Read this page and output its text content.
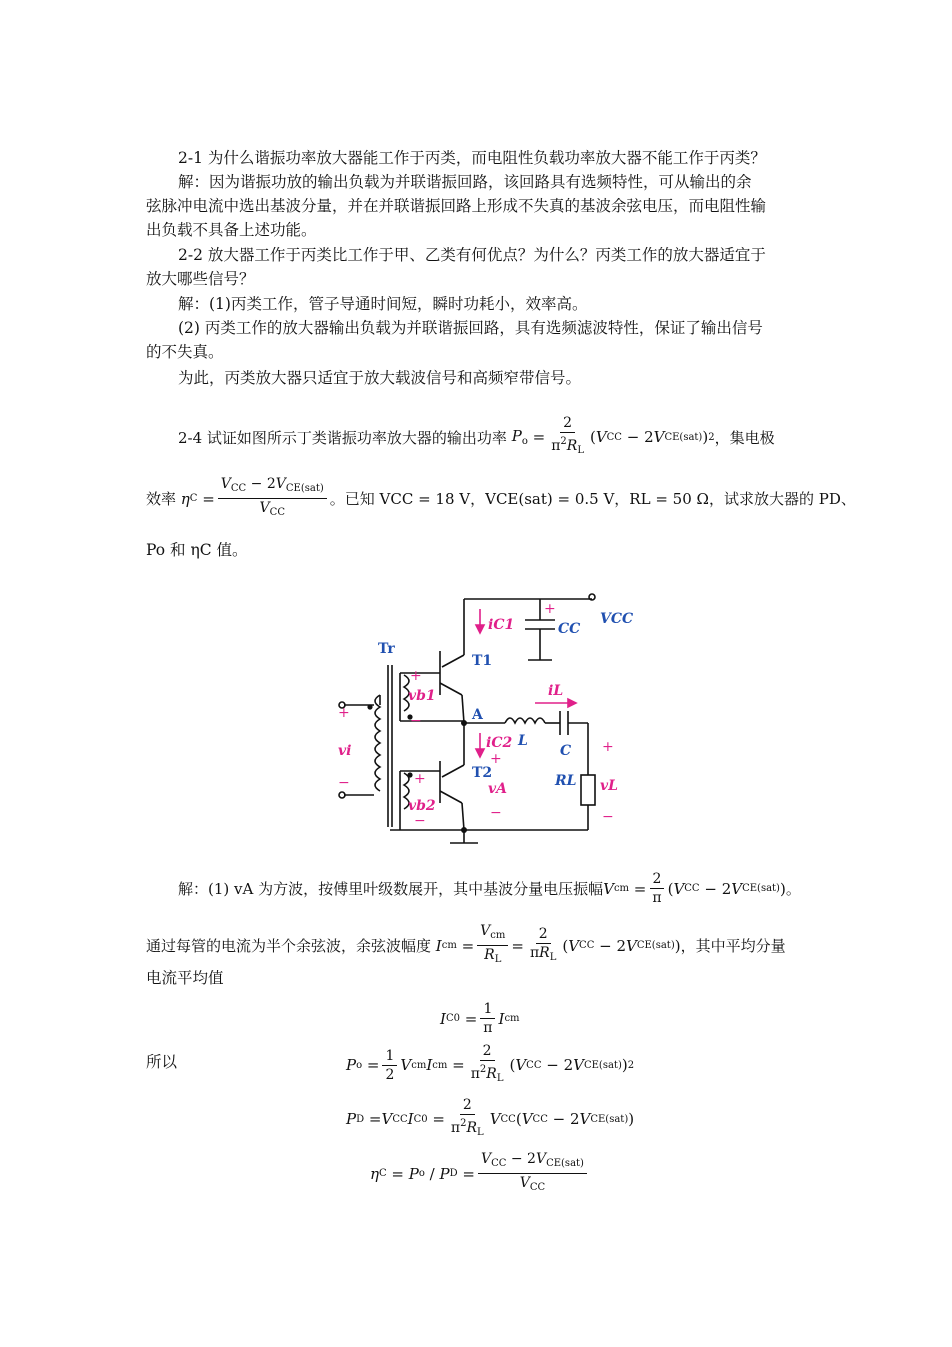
2-1 为什么谐振功率放大器能工作于丙类，而电阻性负载功率放大器不能工作于丙类？
解：因为谐振功放的输出负载为并联谐振回路，该回路具有选频特性，可从输出的余
弦脉冲电流中选出基波分量，并在并联谐振回路上形成不失真的基波余弦电压，而电阻性输
出负载不具备上述功能。
2-2 放大器工作于丙类比工作于甲、乙类有何优点？为什么？丙类工作的放大器适宜于
放大哪些信号？
解：(1)丙类工作，管子导通时间短，瞬时功耗小，效率高。
(2) 丙类工作的放大器输出负载为并联谐振回路，具有选频滤波特性，保证了输出信号
的不失真。
为此，丙类放大器只适宜于放大载波信号和高频窄带信号。
2-4 试证如图所示丁类谐振功率放大器的输出功率 $P_o = \frac{2}{\pi^2R_L}$ ( V CC − 2 V CE(sat) ) 2 ，集电极
效率 η $C = \frac{V_{CC} - 2V_{CE(sat)}}{V_{CC}}$ 。已知 VCC = 18 V，VCE(sat) = 0.5 V，RL = 50 Ω，试求放大器的 PD、
Po 和 ηC 值。
VCC
CC
iC1
Tr
T1
vb1
A
iL
L
C
iC2
T2	RL vL
vi
vb2
vA
+
−
+
−
+
−
+
−
+
−
+
解：(1) vA 为方波，按傅里叶级数展开，其中基波分量电压振幅 V cm = $\frac{2}{\pi}$ ( V CC − 2 V CE(sat) )。
通过每管的电流为半个余弦波，余弦波幅度 I cm = $\frac{V_{cm}}{R_L} = \frac{2}{\pi R_L}$ ( V CC − 2 V CE(sat) ) ，其中平均分量
电流平均值
I $C0 = \frac{1}{\pi}$ I cm
所以	P $o = \frac{1}{2}$ V cm I cm = $\frac{2}{\pi^2R_L}$ ( V CC − 2 V CE(sat) ) 2
P D = V CC I $C0 = \frac{2}{\pi^2R_L}$ V CC ( V CC − 2 V CE(sat) )
η C = P o / P $D = \frac{V_{CC} - 2V_{CE(sat)}}{V_{CC}}$
